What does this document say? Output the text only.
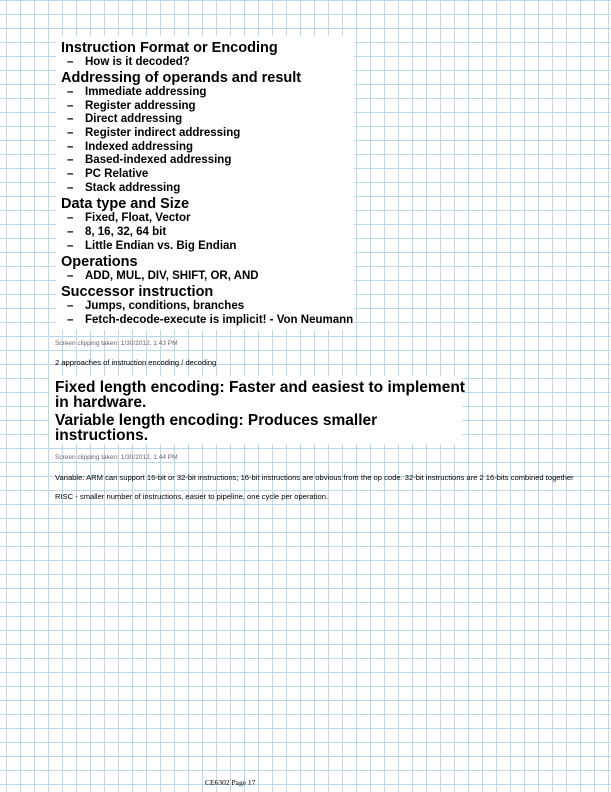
Instruction Format or Encoding
– How is it decoded?
Addressing of operands and result
– Immediate addressing
– Register addressing
– Direct addressing
– Register indirect addressing
– Indexed addressing
– Based-indexed addressing
– PC Relative
– Stack addressing
Data type and Size
– Fixed, Float, Vector
– 8, 16, 32, 64 bit
– Little Endian vs. Big Endian
Operations
– ADD, MUL, DIV, SHIFT, OR, AND
Successor instruction
– Jumps, conditions, branches
– Fetch-decode-execute is implicit! - Von Neumann
Screen clipping taken: 1/30/2012, 1:43 PM
2 approaches of instruction encoding / decoding
Fixed length encoding: Faster and easiest to implement
in hardware.
Variable length encoding: Produces smaller
instructions.
Screen clipping taken: 1/30/2012, 1:44 PM
Variable: ARM can support 16-bit or 32-bit instructions; 16-bit instructions are obvious from the op code. 32-bit instructions are 2 16-bits combined together
RISC - smaller number of instructions, easier to pipeline, one cycle per operation.
CE6302 Page 17
